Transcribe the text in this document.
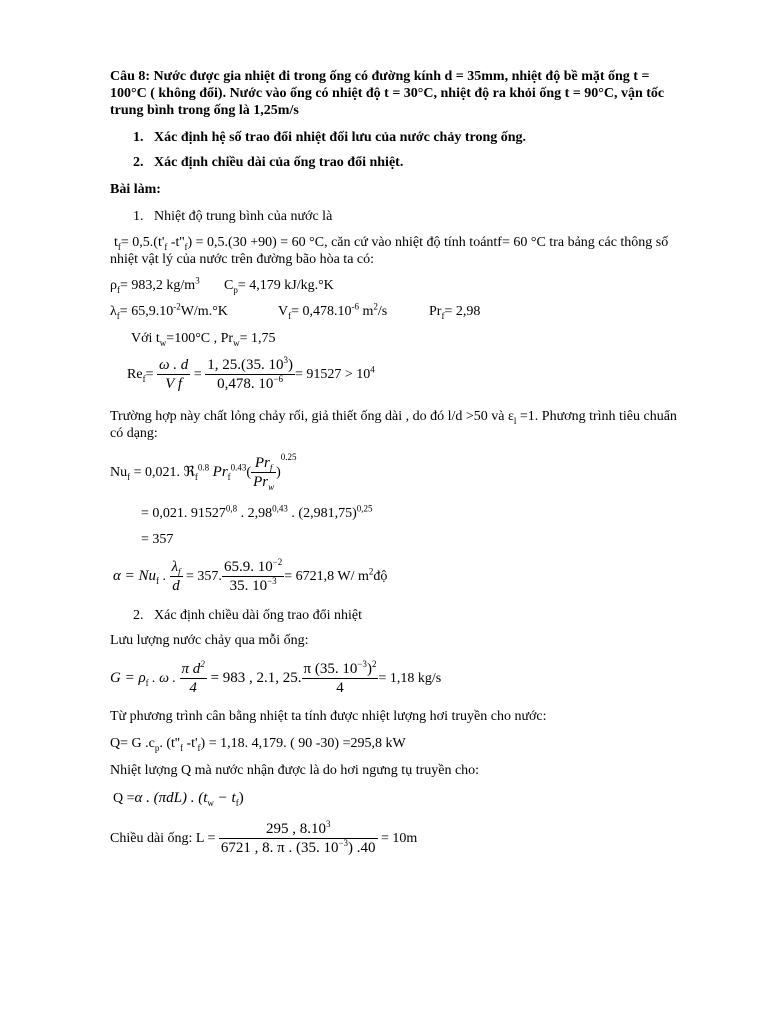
Câu 8: Nước được gia nhiệt đi trong ống có đường kính d = 35mm, nhiệt độ bề mặt ống t =
100°C ( không đổi). Nước vào ống có nhiệt độ t = 30°C, nhiệt độ ra khỏi ống t = 90°C, vận tốc
trung bình trong ống là 1,25m/s
1. Xác định hệ số trao đổi nhiệt đối lưu của nước chảy trong ống.
2. Xác định chiều dài của ống trao đổi nhiệt.
Bài làm:
1. Nhiệt độ trung bình của nước là
$t_f= 0,5.(t'_f$ $-t''_f) = 0,5.(30 +90) = 60$ °C, căn cứ vào nhiệt độ tính toántf= 60 °C tra bảng các thông số
nhiệt vật lý của nước trên đường bão hòa ta có:
$\rho_f= 983,2$ $kg/m^3$ $C_p= 4,179$ kJ/kg.°K
$\lambda_f= 65,9.10^{-2}W/m.^\circ K$	$V_f= 0,478.10^{-6}$ $m^2/s$	$Pr_f= 2,98$
Với $t_w=100^\circ C$ , $Pr_w= 1,75$
$Re_f= \frac{\omega . d}{\text{V f}} = \frac{1, 25.(35. 10^3)}{0,478. 10^{-6}} = 91527 > 10^4$
Trường hợp này chất lỏng chảy rối, giả thiết ống dài , do đó l/d >50 và $\varepsilon_l =1$. Phương trình tiêu chuẩn
có dạng:
$Nu_f = 0,021$. ℜ$_f^{0.8}$ $Pr_f^{0.43}( \frac{Pr_f}{Pr_w} )^{0.25}$
= 0,021. 91527$^{0,8}$ . 2,98$^{0,43}$ . $(2,981,75)^{0,25}$
= 357
$\alpha = Nu_f$ . $\frac{\lambda_f}{d} = 357$. $\frac{65.9. 10^{-2}}{35. 10^{-3}} = 6721,8$ W/ $m^2độ$
2. Xác định chiều dài ống trao đổi nhiệt
Lưu lượng nước chảy qua mỗi ống:
$G = \rho_f$ . ω . $\frac{\pi d^2}{4} = 983$ , 2.1, 25. $\frac{\pi (35. 10^{-3})^2}{4} = 1,18$ kg/s
Từ phương trình cân bằng nhiệt ta tính được nhiệt lượng hơi truyền cho nước:
Q= G $.c_p$. ($t''_f$ $-t'_f) = 1,18$. 4,179. ( 90 -30) =295,8 kW
Nhiệt lượng Q mà nước nhận được là do hơi ngưng tụ truyền cho:
Q =α . (πdL) . $(t_w - t_f)$
Chiều dài ống: $L = \frac{295 , 8.10^3}{6721 , 8. \pi . (35. 10^{-3}) .40} = 10m$
